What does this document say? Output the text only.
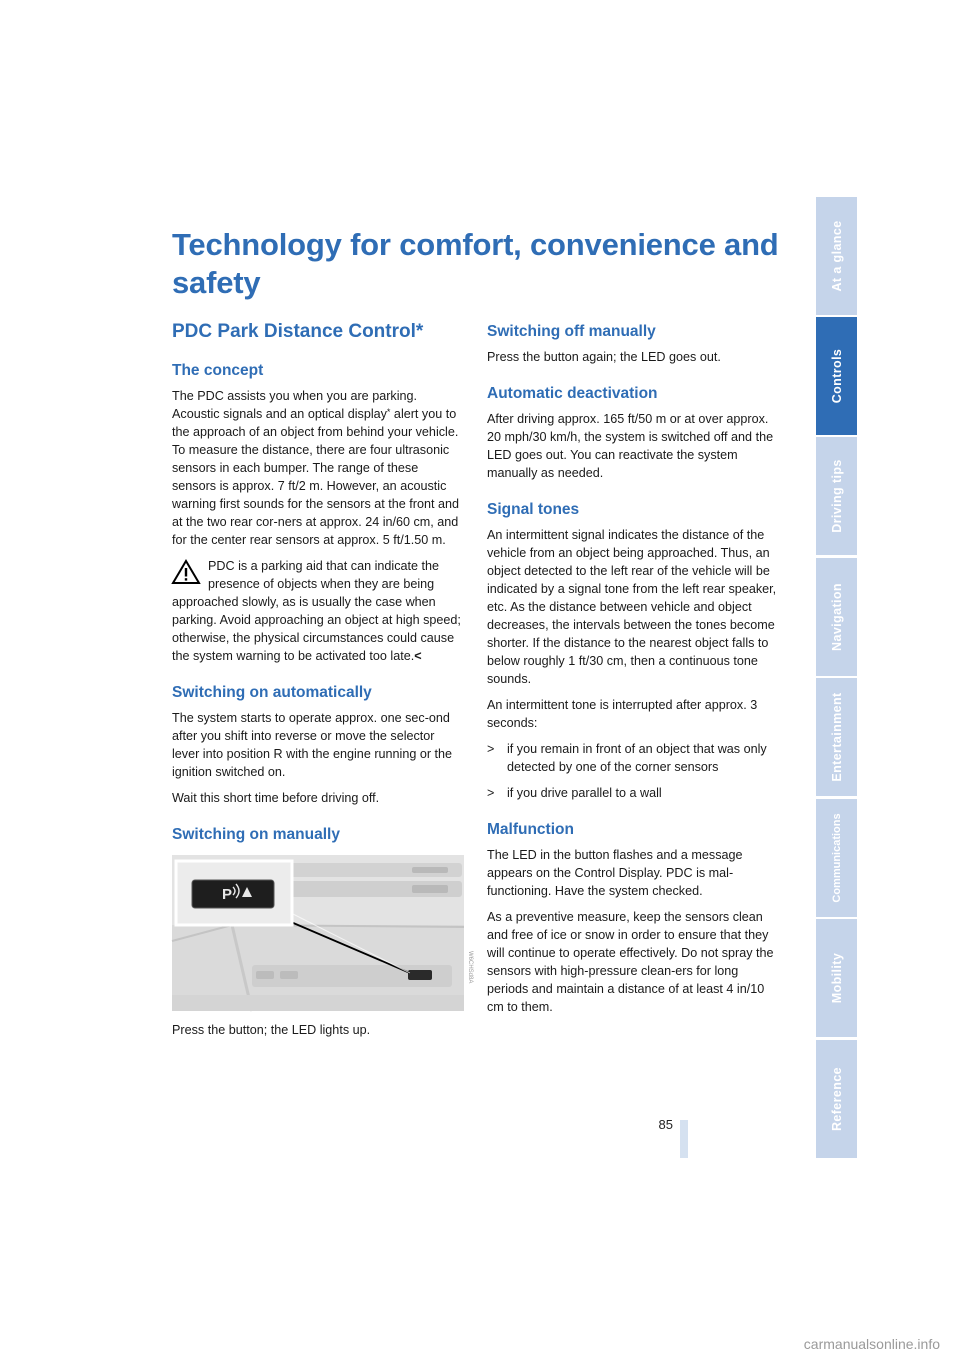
Technology for comfort, convenience and safety
PDC Park Distance Control*
The concept

The PDC assists you when you are parking. Acoustic signals and an optical display* alert you to the approach of an object from behind your vehicle. To measure the distance, there are four ultrasonic sensors in each bumper. The range of these sensors is approx. 7 ft/2 m. However, an acoustic warning first sounds for the sensors at the front and at the two rear cor-ners at approx. 24 in/60 cm, and for the center rear sensors at approx. 5 ft/1.50 m.

PDC is a parking aid that can indicate the presence of objects when they are being

approached slowly, as is usually the case when parking. Avoid approaching an object at high speed; otherwise, the physical circumstances could cause the system warning to be activated too late.<

Switching on automatically

The system starts to operate approx. one sec-ond after you shift into reverse or move the selector lever into position R with the engine running or the ignition switched on.

Wait this short time before driving off.

Switching on manually
P
W6CHSd8A

Press the button; the LED lights up.

Switching off manually

Press the button again; the LED goes out.

Automatic deactivation

After driving approx. 165 ft/50 m or at over approx. 20 mph/30 km/h, the system is switched off and the LED goes out. You can reactivate the system manually as needed.

Signal tones

An intermittent signal indicates the distance of the vehicle from an object being approached. Thus, an object detected to the left rear of the vehicle will be indicated by a signal tone from the left rear speaker, etc. As the distance between vehicle and object decreases, the intervals between the tones become shorter. If the distance to the nearest object falls to below roughly 1 ft/30 cm, then a continuous tone sounds.

An intermittent tone is interrupted after approx. 3 seconds:

> if you remain in front of an object that was only detected by one of the corner sensors
> if you drive parallel to a wall
Malfunction

The LED in the button flashes and a message appears on the Control Display. PDC is mal-functioning. Have the system checked.

As a preventive measure, keep the sensors clean and free of ice or snow in order to ensure that they will continue to operate effectively. Do not spray the sensors with high-pressure clean-ers for long periods and maintain a distance of at least 4 in/10 cm to them.

85
At a glance
Controls
Driving tips
Navigation
Entertainment
Communications
Mobility
Reference
carmanualsonline.info
